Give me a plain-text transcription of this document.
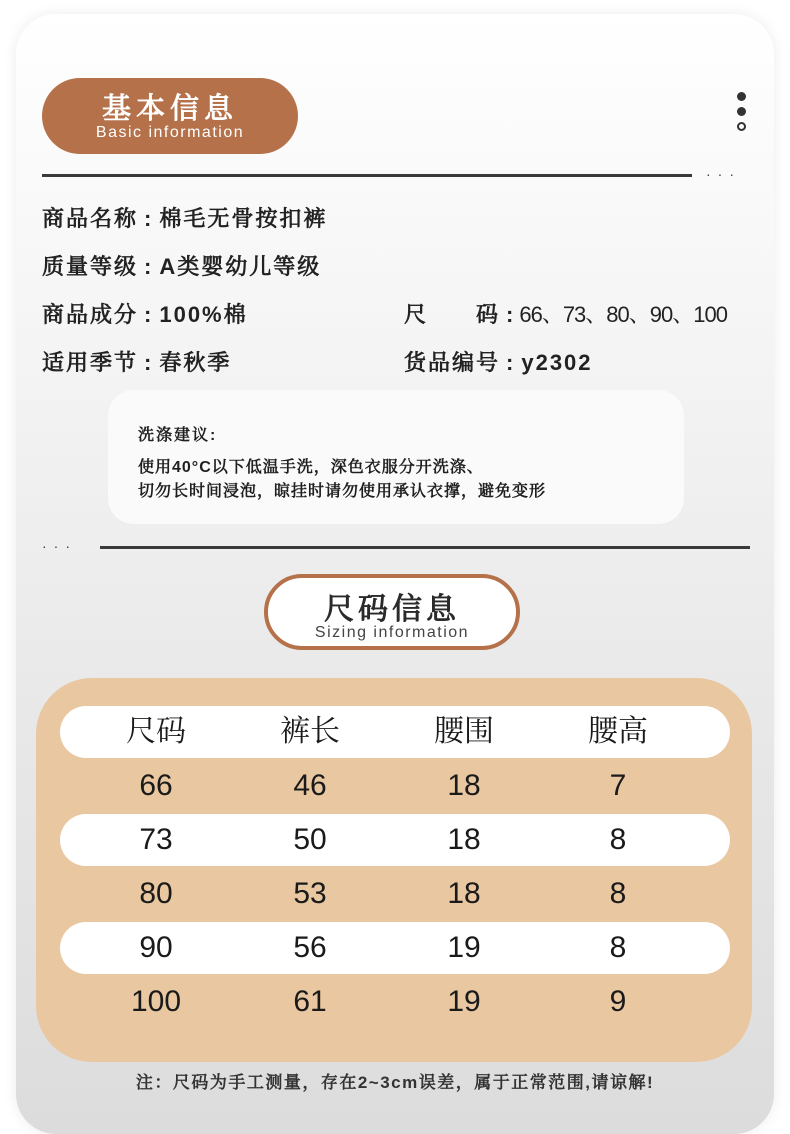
基本信息
Basic information
···
商品名称 : 棉毛无骨按扣裤
质量等级 : A类婴幼儿等级
商品成分 : 100%棉	尺　　码 : 66、73、80、90、100
适用季节 : 春秋季	货品编号 : y2302
洗涤建议:
使用40°C以下低温手洗，深色衣服分开洗涤、
切勿长时间浸泡，晾挂时请勿使用承认衣撑，避免变形
···
尺码信息
Sizing information
尺码	裤长	腰围	腰高
66	46	18	7
73	50	18	8
80	53	18	8
90	56	19	8
100	61	19	9
注：尺码为手工测量，存在2~3cm误差，属于正常范围,请谅解!
